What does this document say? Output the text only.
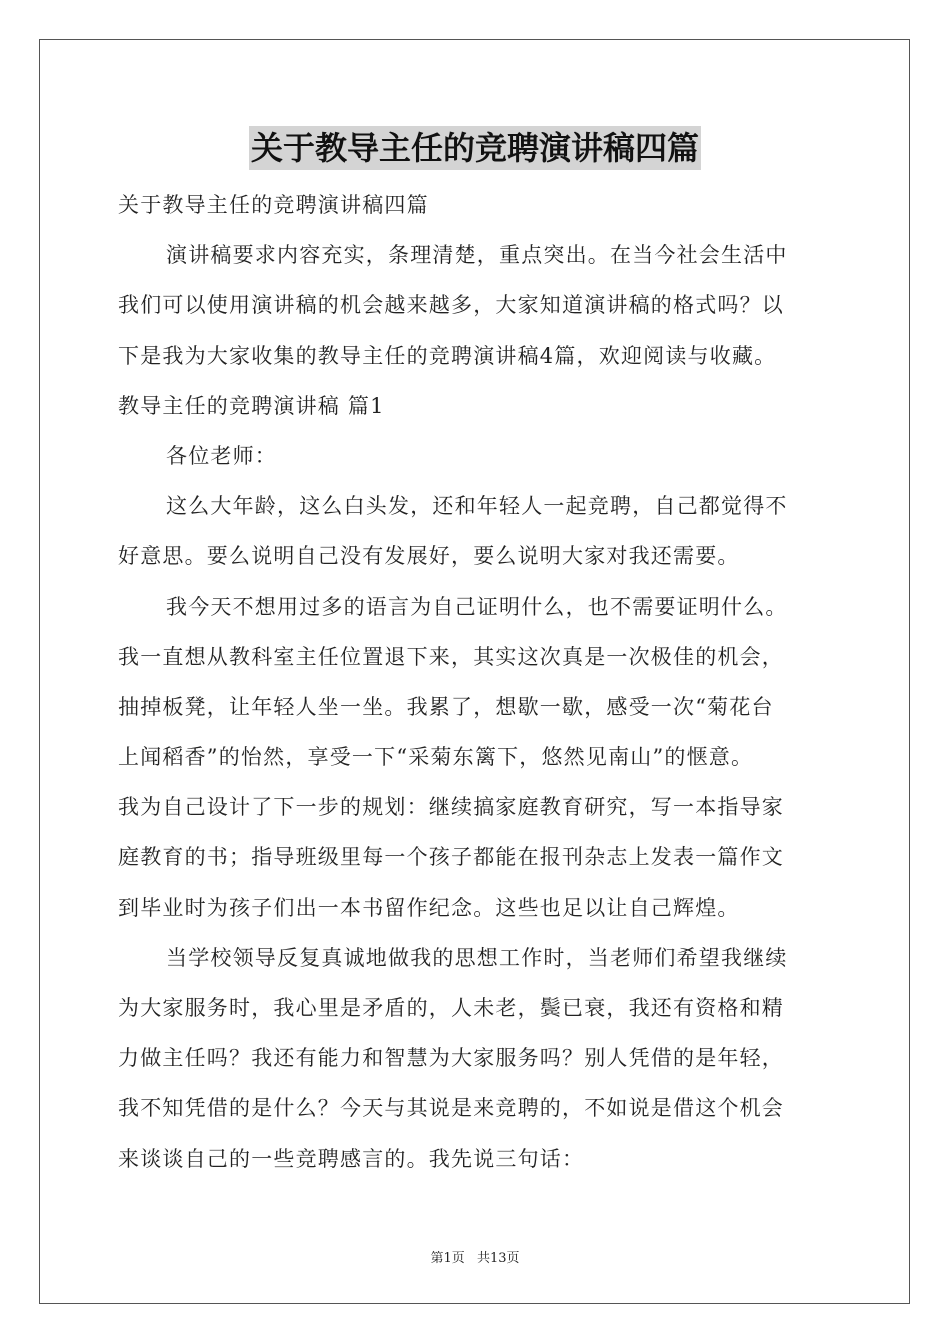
关于教导主任的竞聘演讲稿四篇
关于教导主任的竞聘演讲稿四篇
演讲稿要求内容充实，条理清楚，重点突出。在当今社会生活中
我们可以使用演讲稿的机会越来越多，大家知道演讲稿的格式吗？以
下是我为大家收集的教导主任的竞聘演讲稿4篇，欢迎阅读与收藏。
教导主任的竞聘演讲稿 篇1
各位老师：
这么大年龄，这么白头发，还和年轻人一起竞聘，自己都觉得不
好意思。要么说明自己没有发展好，要么说明大家对我还需要。
我今天不想用过多的语言为自己证明什么，也不需要证明什么。
我一直想从教科室主任位置退下来，其实这次真是一次极佳的机会，
抽掉板凳，让年轻人坐一坐。我累了，想歇一歇，感受一次“菊花台
上闻稻香”的怡然，享受一下“采菊东篱下，悠然见南山”的惬意。
我为自己设计了下一步的规划：继续搞家庭教育研究，写一本指导家
庭教育的书；指导班级里每一个孩子都能在报刊杂志上发表一篇作文
到毕业时为孩子们出一本书留作纪念。这些也足以让自己辉煌。
当学校领导反复真诚地做我的思想工作时，当老师们希望我继续
为大家服务时，我心里是矛盾的，人未老，鬓已衰，我还有资格和精
力做主任吗？我还有能力和智慧为大家服务吗？别人凭借的是年轻，
我不知凭借的是什么？今天与其说是来竞聘的，不如说是借这个机会
来谈谈自己的一些竞聘感言的。我先说三句话：
第1页 共13页
